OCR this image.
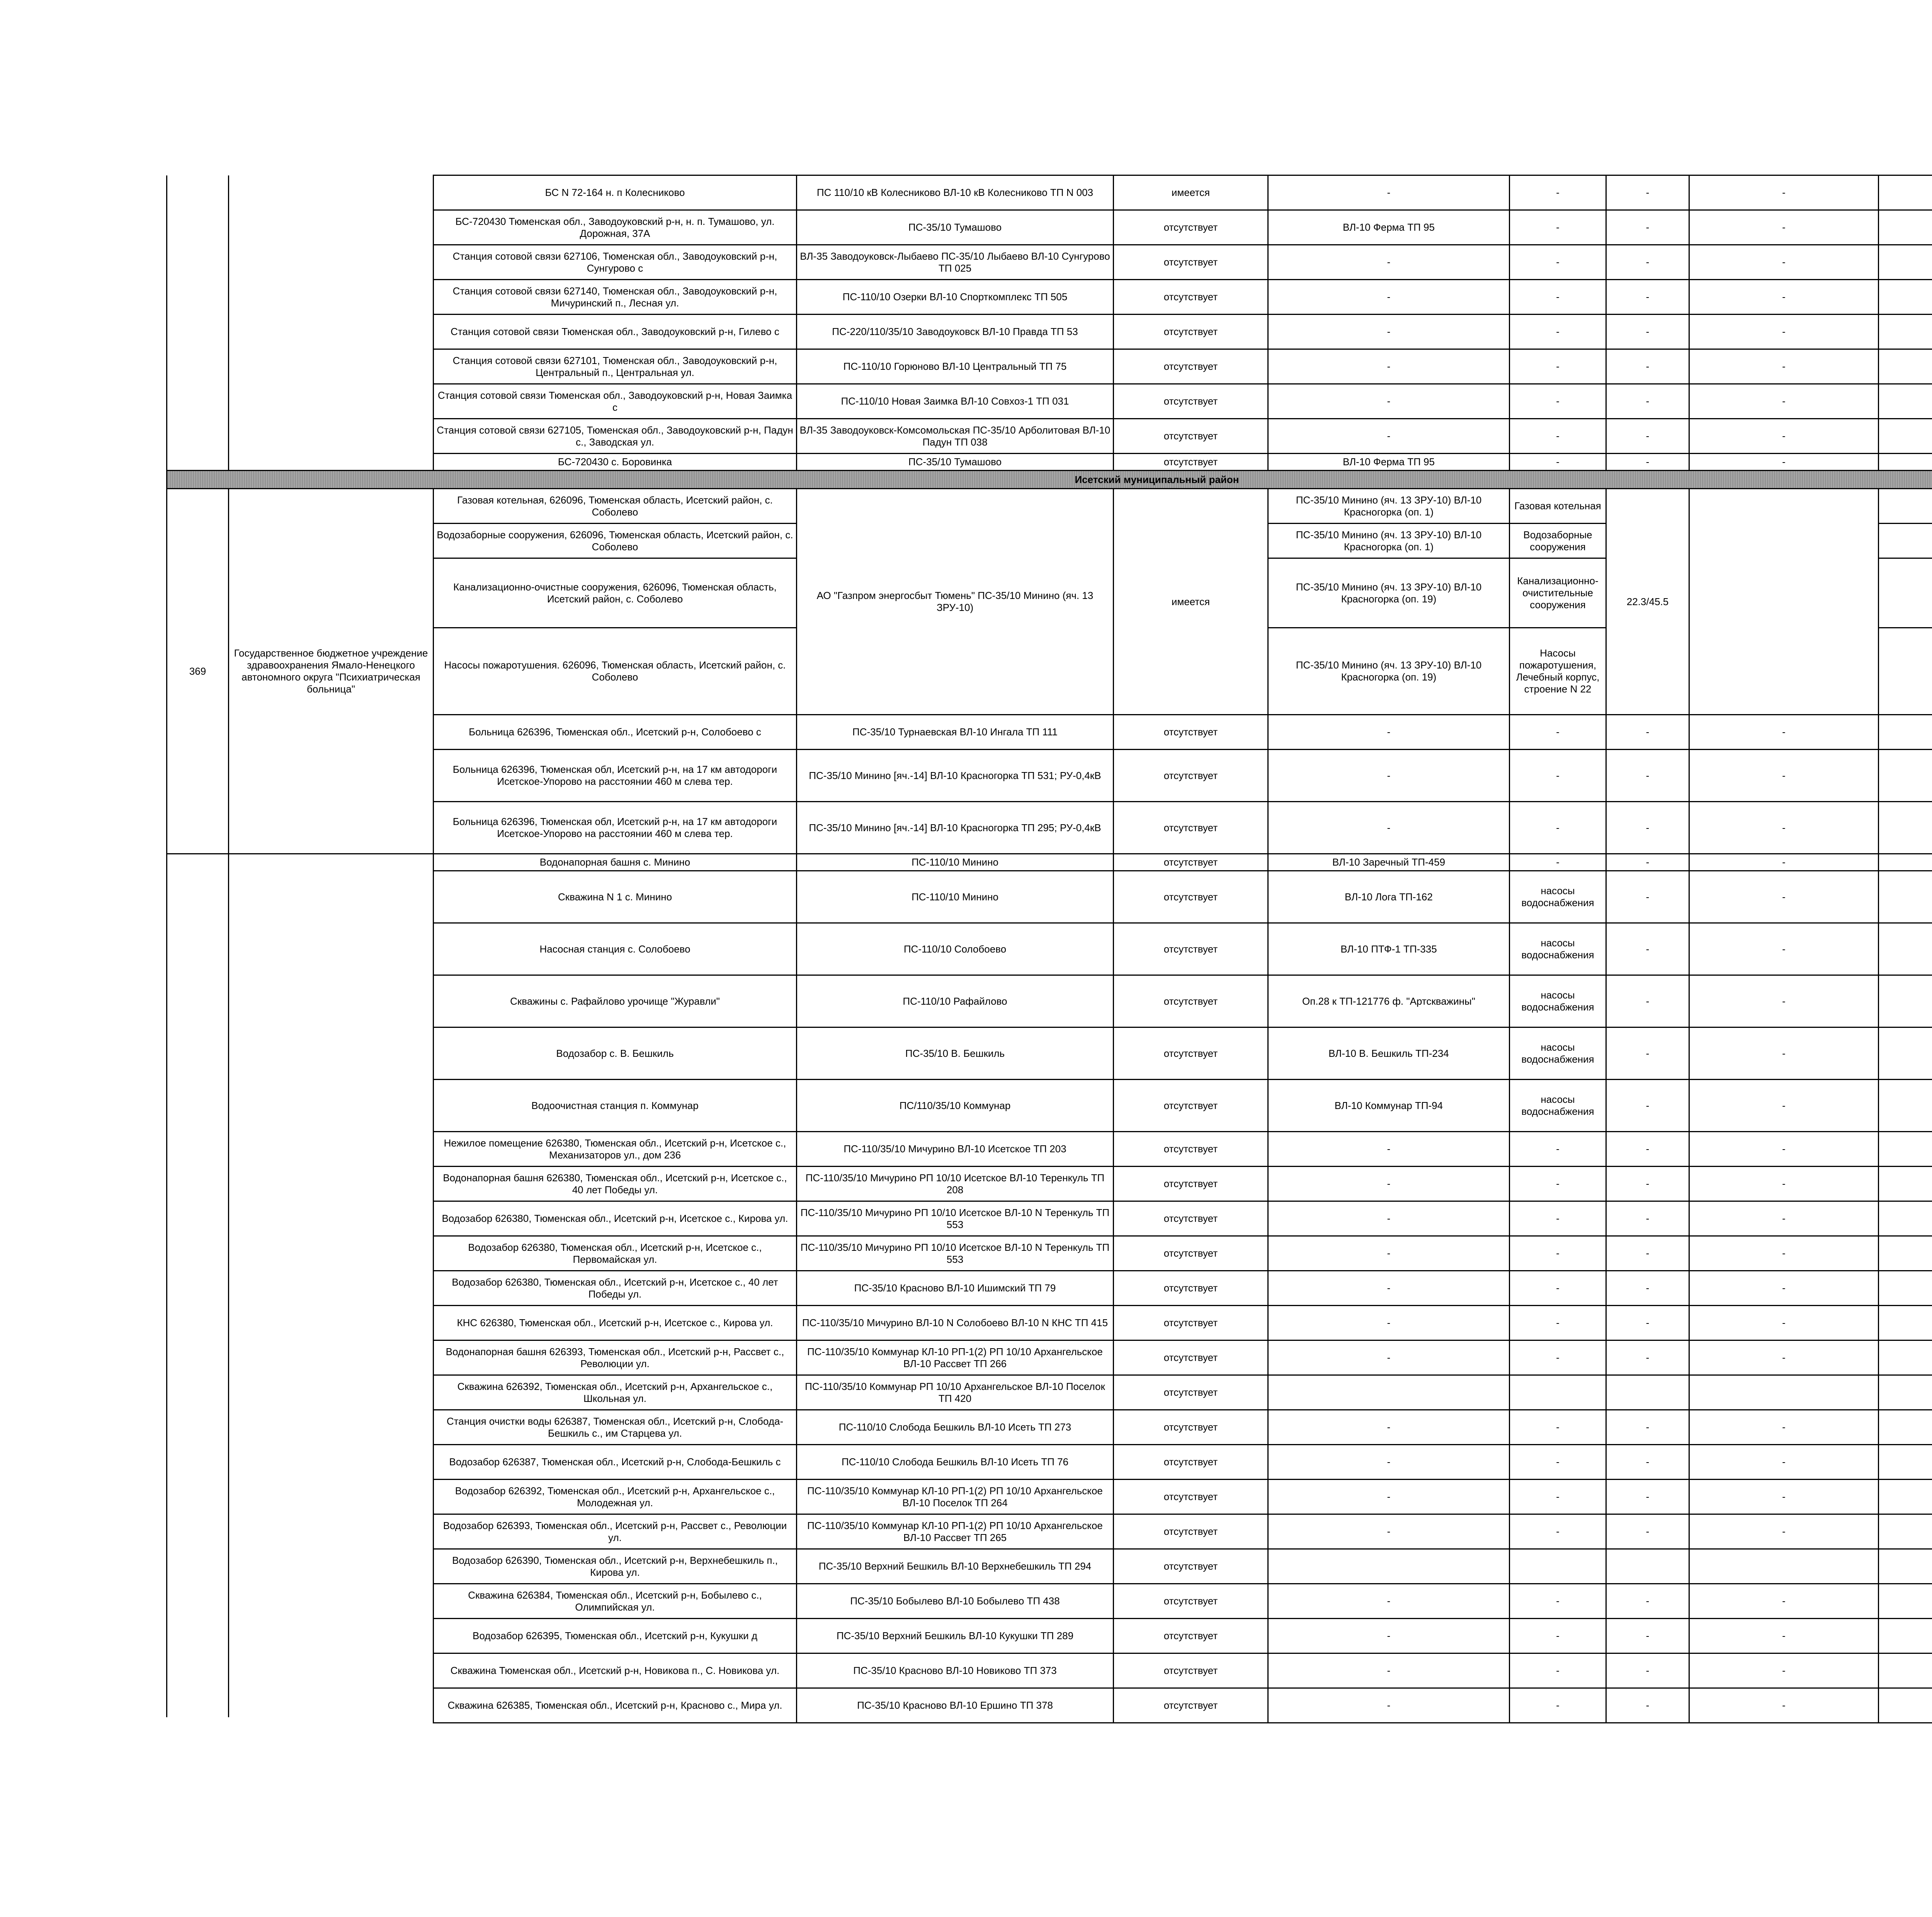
		БС N 72-164 н. п Колесниково	ПС 110/10 кВ Колесниково ВЛ-10 кВ Колесниково ТП N 003	имеется	-	-	-	-		
		БС-720430 Тюменская обл., Заводоуковский р-н, н. п. Тумашово, ул. Дорожная, 37А	ПС-35/10 Тумашово	отсутствует	ВЛ-10 Ферма ТП 95	-	-	-		
		Станция сотовой связи 627106, Тюменская обл., Заводоуковский р-н, Сунгурово с	ВЛ-35 Заводоуковск-Лыбаево ПС-35/10 Лыбаево ВЛ-10 Сунгурово ТП 025	отсутствует	-	-	-	-		
		Станция сотовой связи 627140, Тюменская обл., Заводоуковский р-н, Мичуринский п., Лесная ул.	ПС-110/10 Озерки ВЛ-10 Спорткомплекс ТП 505	отсутствует	-	-	-	-		
		Станция сотовой связи Тюменская обл., Заводоуковский р-н, Гилево с	ПС-220/110/35/10 Заводоуковск ВЛ-10 Правда ТП 53	отсутствует	-	-	-	-		
		Станция сотовой связи 627101, Тюменская обл., Заводоуковский р-н, Центральный п., Центральная ул.	ПС-110/10 Горюново ВЛ-10 Центральный ТП 75	отсутствует	-	-	-	-		
		Станция сотовой связи Тюменская обл., Заводоуковский р-н, Новая Заимка с	ПС-110/10 Новая Заимка ВЛ-10 Совхоз-1 ТП 031	отсутствует	-	-	-	-		
		Станция сотовой связи 627105, Тюменская обл., Заводоуковский р-н, Падун с., Заводская ул.	ВЛ-35 Заводоуковск-Комсомольская ПС-35/10 Арболитовая ВЛ-10 Падун ТП 038	отсутствует	-	-	-	-		
		БС-720430 с. Боровинка	ПС-35/10 Тумашово	отсутствует	ВЛ-10 Ферма ТП 95	-	-	-		
Исетский муниципальный район											
369	Государственное бюджетное учреждение здравоохранения Ямало-Ненецкого автономного округа "Психиатрическая больница"	Газовая котельная, 626096, Тюменская область, Исетский район, с. Соболево	АО "Газпром энергосбыт Тюмень" ПС-35/10 Минино (яч. 13 ЗРУ-10)	имеется	ПС-35/10 Минино (яч. 13 ЗРУ-10) ВЛ-10 Красногорка (оп. 1)	Газовая котельная	22.3/45.5				
		Водозаборные сооружения, 626096, Тюменская область, Исетский район, с. Соболево			ПС-35/10 Минино (яч. 13 ЗРУ-10) ВЛ-10 Красногорка (оп. 1)	Водозаборные сооружения			
		Канализационно-очистные сооружения, 626096, Тюменская область, Исетский район, с. Соболево			ПС-35/10 Минино (яч. 13 ЗРУ-10) ВЛ-10 Красногорка (оп. 19)	Канализационно-очистительные сооружения			
		Насосы пожаротушения. 626096, Тюменская область, Исетский район, с. Соболево			ПС-35/10 Минино (яч. 13 ЗРУ-10) ВЛ-10 Красногорка (оп. 19)	Насосы пожаротушения, Лечебный корпус, строение N 22			
		Больница 626396, Тюменская обл., Исетский р-н, Солобоево с	ПС-35/10 Турнаевская ВЛ-10 Ингала ТП 111	отсутствует	-	-	-	-		
		Больница 626396, Тюменская обл, Исетский р-н, на 17 км автодороги Исетское-Упорово на расстоянии 460 м слева тер.	ПС-35/10 Минино [яч.-14] ВЛ-10 Красногорка ТП 531; РУ-0,4кВ	отсутствует	-	-	-	-		
		Больница 626396, Тюменская обл, Исетский р-н, на 17 км автодороги Исетское-Упорово на расстоянии 460 м слева тер.	ПС-35/10 Минино [яч.-14] ВЛ-10 Красногорка ТП 295; РУ-0,4кВ	отсутствует	-	-	-	-		
		Водонапорная башня с. Минино	ПС-110/10 Минино	отсутствует	ВЛ-10 Заречный ТП-459	-	-	-		
		Скважина N 1 с. Минино	ПС-110/10 Минино	отсутствует	ВЛ-10 Лога ТП-162	насосы водоснабжения	-	-		
		Насосная станция с. Солобоево	ПС-110/10 Солобоево	отсутствует	ВЛ-10 ПТФ-1 ТП-335	насосы водоснабжения	-	-		
		Скважины с. Рафайлово урочище "Журавли"	ПС-110/10 Рафайлово	отсутствует	Оп.28 к ТП-121776 ф. "Артскважины"	насосы водоснабжения	-	-		
		Водозабор с. В. Бешкиль	ПС-35/10 В. Бешкиль	отсутствует	ВЛ-10 В. Бешкиль ТП-234	насосы водоснабжения	-	-		
		Водоочистная станция п. Коммунар	ПС/110/35/10 Коммунар	отсутствует	ВЛ-10 Коммунар ТП-94	насосы водоснабжения	-	-		
		Нежилое помещение 626380, Тюменская обл., Исетский р-н, Исетское с., Механизаторов ул., дом 236	ПС-110/35/10 Мичурино ВЛ-10 Исетское ТП 203	отсутствует	-	-	-	-		
		Водонапорная башня 626380, Тюменская обл., Исетский р-н, Исетское с., 40 лет Победы ул.	ПС-110/35/10 Мичурино РП 10/10 Исетское ВЛ-10 Теренкуль ТП 208	отсутствует	-	-	-	-		
		Водозабор 626380, Тюменская обл., Исетский р-н, Исетское с., Кирова ул.	ПС-110/35/10 Мичурино РП 10/10 Исетское ВЛ-10 N Теренкуль ТП 553	отсутствует	-	-	-	-		
		Водозабор 626380, Тюменская обл., Исетский р-н, Исетское с., Первомайская ул.	ПС-110/35/10 Мичурино РП 10/10 Исетское ВЛ-10 N Теренкуль ТП 553	отсутствует	-	-	-	-		
		Водозабор 626380, Тюменская обл., Исетский р-н, Исетское с., 40 лет Победы ул.	ПС-35/10 Красново ВЛ-10 Ишимский ТП 79	отсутствует	-	-	-	-		
		КНС 626380, Тюменская обл., Исетский р-н, Исетское с., Кирова ул.	ПС-110/35/10 Мичурино ВЛ-10 N Солобоево ВЛ-10 N КНС ТП 415	отсутствует	-	-	-	-		
		Водонапорная башня 626393, Тюменская обл., Исетский р-н, Рассвет с., Революции ул.	ПС-110/35/10 Коммунар КЛ-10 РП-1(2) РП 10/10 Архангельское ВЛ-10 Рассвет ТП 266	отсутствует	-	-	-	-		
		Скважина 626392, Тюменская обл., Исетский р-н, Архангельское с., Школьная ул.	ПС-110/35/10 Коммунар РП 10/10 Архангельское ВЛ-10 Поселок ТП 420	отсутствует							
		Станция очистки воды 626387, Тюменская обл., Исетский р-н, Слобода-Бешкиль с., им Старцева ул.	ПС-110/10 Слобода Бешкиль ВЛ-10 Исеть ТП 273	отсутствует	-	-	-	-		
		Водозабор 626387, Тюменская обл., Исетский р-н, Слобода-Бешкиль с	ПС-110/10 Слобода Бешкиль ВЛ-10 Исеть ТП 76	отсутствует	-	-	-	-		
		Водозабор 626392, Тюменская обл., Исетский р-н, Архангельское с., Молодежная ул.	ПС-110/35/10 Коммунар КЛ-10 РП-1(2) РП 10/10 Архангельское ВЛ-10 Поселок ТП 264	отсутствует	-	-	-	-		
		Водозабор 626393, Тюменская обл., Исетский р-н, Рассвет с., Революции ул.	ПС-110/35/10 Коммунар КЛ-10 РП-1(2) РП 10/10 Архангельское ВЛ-10 Рассвет ТП 265	отсутствует	-	-	-	-		
		Водозабор 626390, Тюменская обл., Исетский р-н, Верхнебешкиль п., Кирова ул.	ПС-35/10 Верхний Бешкиль ВЛ-10 Верхнебешкиль ТП 294	отсутствует							
		Скважина 626384, Тюменская обл., Исетский р-н, Бобылево с., Олимпийская ул.	ПС-35/10 Бобылево ВЛ-10 Бобылево ТП 438	отсутствует	-	-	-	-		
		Водозабор 626395, Тюменская обл., Исетский р-н, Кукушки д	ПС-35/10 Верхний Бешкиль ВЛ-10 Кукушки ТП 289	отсутствует	-	-	-	-		
		Скважина Тюменская обл., Исетский р-н, Новикова п., С. Новикова ул.	ПС-35/10 Красново ВЛ-10 Новиково ТП 373	отсутствует	-	-	-	-		
		Скважина 626385, Тюменская обл., Исетский р-н, Красново с., Мира ул.	ПС-35/10 Красново ВЛ-10 Ершино ТП 378	отсутствует	-	-	-	-		
